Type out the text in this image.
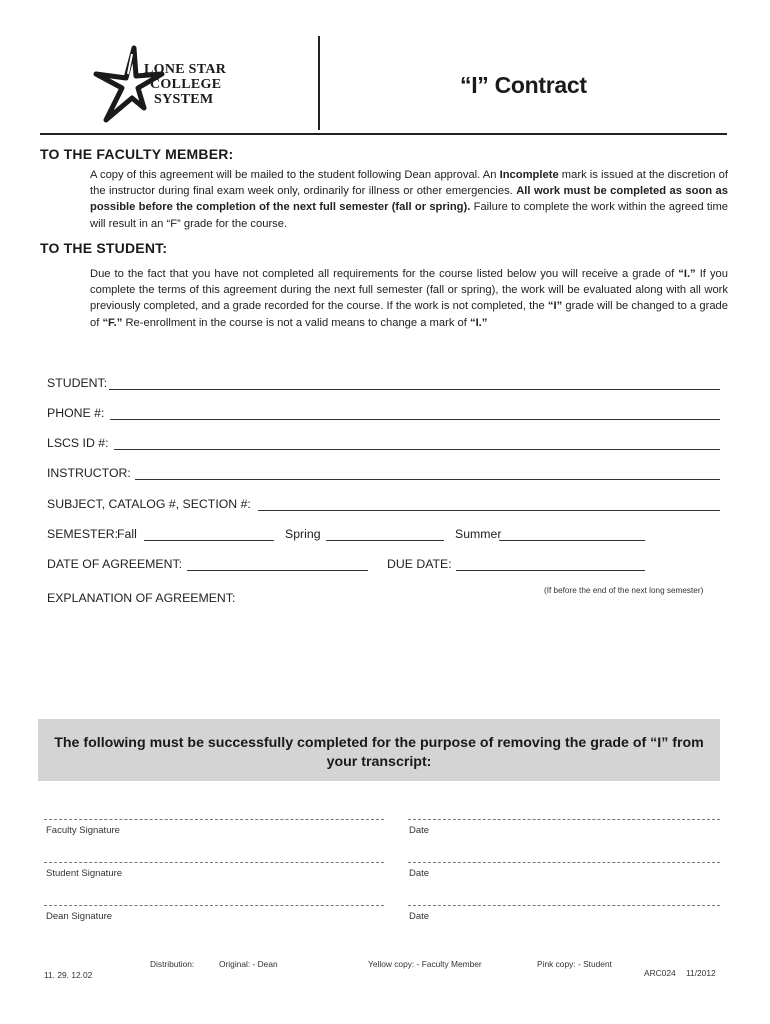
LONE STAR
COLLEGE
SYSTEM
“I” Contract
TO THE FACULTY MEMBER:
A copy of this agreement will be mailed to the student following Dean approval. An Incomplete mark is issued at the discretion of the instructor during final exam week only, ordinarily for illness or other emergencies. All work must be completed as soon as possible before the completion of the next full semester (fall or spring). Failure to complete the work within the agreed time will result in an “F” grade for the course.
TO THE STUDENT:
Due to the fact that you have not completed all requirements for the course listed below you will receive a grade of “I.” If you complete the terms of this agreement during the next full semester (fall or spring), the work will be evaluated along with all work previously completed, and a grade recorded for the course. If the work is not completed, the “I” grade will be changed to a grade of “F.” Re-enrollment in the course is not a valid means to change a mark of “I.”
STUDENT:
PHONE #:
LSCS ID #:
INSTRUCTOR:
SUBJECT, CATALOG #, SECTION #:
SEMESTER:
Fall	Spring	Summer
DATE OF AGREEMENT:	DUE DATE:
(If before the end of the next long semester)
EXPLANATION OF AGREEMENT:
The following must be successfully completed for the purpose of removing the grade of “I” from your transcript:
Faculty Signature	Date
Student Signature	Date
Dean Signature	Date
Distribution:	Original: - Dean	Yellow copy: - Faculty Member	Pink copy: - Student
11. 29. 12.02	ARC024 11/2012
